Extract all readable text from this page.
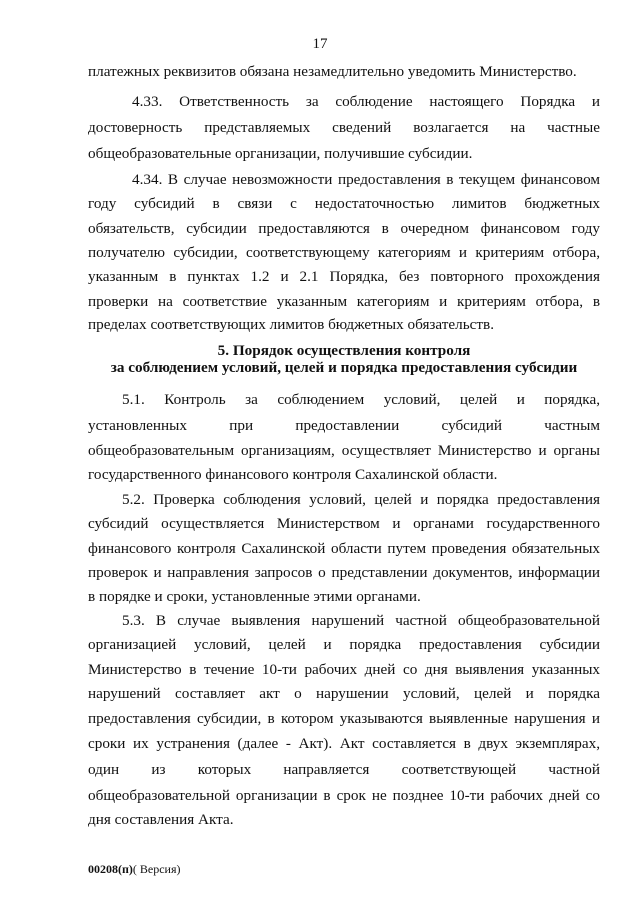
17
платежных реквизитов обязана незамедлительно уведомить Министерство.
4.33. Ответственность за соблюдение настоящего Порядка и
достоверность представляемых сведений возлагается на частные
общеобразовательные организации, получившие субсидии.
4.34. В случае невозможности предоставления в текущем финансовом
году субсидий в связи с недостаточностью лимитов бюджетных
обязательств, субсидии предоставляются в очередном финансовом году
получателю субсидии, соответствующему категориям и критериям отбора,
указанным в пунктах 1.2 и 2.1 Порядка, без повторного прохождения
проверки на соответствие указанным категориям и критериям отбора, в
пределах соответствующих лимитов бюджетных обязательств.
5. Порядок осуществления контроля
за соблюдением условий, целей и порядка предоставления субсидии
5.1. Контроль за соблюдением условий, целей и порядка,
установленных при предоставлении субсидий частным
общеобразовательным организациям, осуществляет Министерство и органы
государственного финансового контроля Сахалинской области.
5.2. Проверка соблюдения условий, целей и порядка предоставления
субсидий осуществляется Министерством и органами государственного
финансового контроля Сахалинской области путем проведения обязательных
проверок и направления запросов о представлении документов, информации
в порядке и сроки, установленные этими органами.
5.3. В случае выявления нарушений частной общеобразовательной
организацией условий, целей и порядка предоставления субсидии
Министерство в течение 10-ти рабочих дней со дня выявления указанных
нарушений составляет акт о нарушении условий, целей и порядка
предоставления субсидии, в котором указываются выявленные нарушения и
сроки их устранения (далее - Акт). Акт составляется в двух экземплярах,
один из которых направляется соответствующей частной
общеобразовательной организации в срок не позднее 10-ти рабочих дней со
дня составления Акта.
00208(п)( Версия)
